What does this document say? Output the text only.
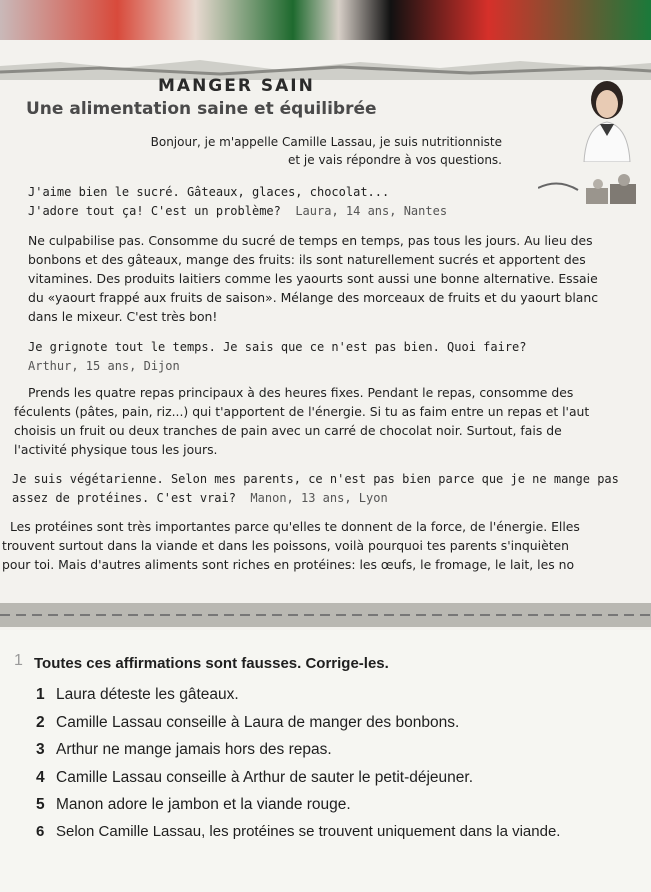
MANGER SAIN
Une alimentation saine et équilibrée
Bonjour, je m'appelle Camille Lassau, je suis nutritionniste
et je vais répondre à vos questions.
J'aime bien le sucré. Gâteaux, glaces, chocolat...
J'adore tout ça! C'est un problème? Laura, 14 ans, Nantes
Ne culpabilise pas. Consomme du sucré de temps en temps, pas tous les jours. Au lieu des
bonbons et des gâteaux, mange des fruits: ils sont naturellement sucrés et apportent des
vitamines. Des produits laitiers comme les yaourts sont aussi une bonne alternative. Essaie
du «yaourt frappé aux fruits de saison». Mélange des morceaux de fruits et du yaourt blanc
dans le mixeur. C'est très bon!
Je grignote tout le temps. Je sais que ce n'est pas bien. Quoi faire?
Arthur, 15 ans, Dijon
Prends les quatre repas principaux à des heures fixes. Pendant le repas, consomme des
féculents (pâtes, pain, riz...) qui t'apportent de l'énergie. Si tu as faim entre un repas et l'aut
choisis un fruit ou deux tranches de pain avec un carré de chocolat noir. Surtout, fais de
l'activité physique tous les jours.
Je suis végétarienne. Selon mes parents, ce n'est pas bien parce que je ne mange pas
assez de protéines. C'est vrai? Manon, 13 ans, Lyon
Les protéines sont très importantes parce qu'elles te donnent de la force, de l'énergie. Elles
trouvent surtout dans la viande et dans les poissons, voilà pourquoi tes parents s'inquièten
pour toi. Mais d'autres aliments sont riches en protéines: les œufs, le fromage, le lait, les no
1 Toutes ces affirmations sont fausses. Corrige-les.
1 Laura déteste les gâteaux.
2 Camille Lassau conseille à Laura de manger des bonbons.
3 Arthur ne mange jamais hors des repas.
4 Camille Lassau conseille à Arthur de sauter le petit-déjeuner.
5 Manon adore le jambon et la viande rouge.
6 Selon Camille Lassau, les protéines se trouvent uniquement dans la viande.
